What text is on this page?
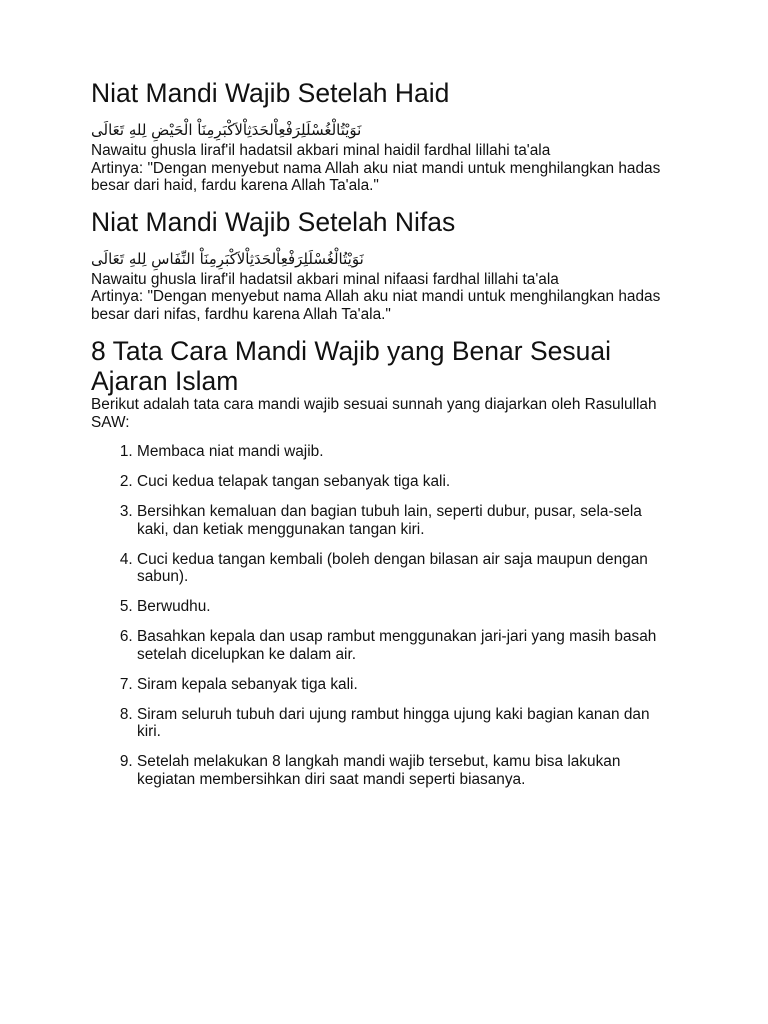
Niat Mandi Wajib Setelah Haid
نَوَيْتُالْغُسْلَلِرَفْعِاْلحَدَثِاْلاَكْبَرِمِنَاْ الْحَيْضِ لِلهِ تَعَالَى

Nawaitu ghusla liraf'il hadatsil akbari minal haidil fardhal lillahi ta'ala

Artinya: "Dengan menyebut nama Allah aku niat mandi untuk menghilangkan hadas besar dari haid, fardu karena Allah Ta'ala."

Niat Mandi Wajib Setelah Nifas
نَوَيْتُالْغُسْلَلِرَفْعِاْلحَدَثِاْلاَكْبَرِمِنَاْ النِّفَاسِ لِلهِ تَعَالَى

Nawaitu ghusla liraf'il hadatsil akbari minal nifaasi fardhal lillahi ta'ala

Artinya: "Dengan menyebut nama Allah aku niat mandi untuk menghilangkan hadas besar dari nifas, fardhu karena Allah Ta'ala."

8 Tata Cara Mandi Wajib yang Benar Sesuai Ajaran Islam

Berikut adalah tata cara mandi wajib sesuai sunnah yang diajarkan oleh Rasulullah SAW:

1. Membaca niat mandi wajib.
2. Cuci kedua telapak tangan sebanyak tiga kali.
3. Bersihkan kemaluan dan bagian tubuh lain, seperti dubur, pusar, sela-sela kaki, dan ketiak menggunakan tangan kiri.
4. Cuci kedua tangan kembali (boleh dengan bilasan air saja maupun dengan sabun).
5. Berwudhu.
6. Basahkan kepala dan usap rambut menggunakan jari-jari yang masih basah setelah dicelupkan ke dalam air.
7. Siram kepala sebanyak tiga kali.
8. Siram seluruh tubuh dari ujung rambut hingga ujung kaki bagian kanan dan kiri.
9. Setelah melakukan 8 langkah mandi wajib tersebut, kamu bisa lakukan kegiatan membersihkan diri saat mandi seperti biasanya.
